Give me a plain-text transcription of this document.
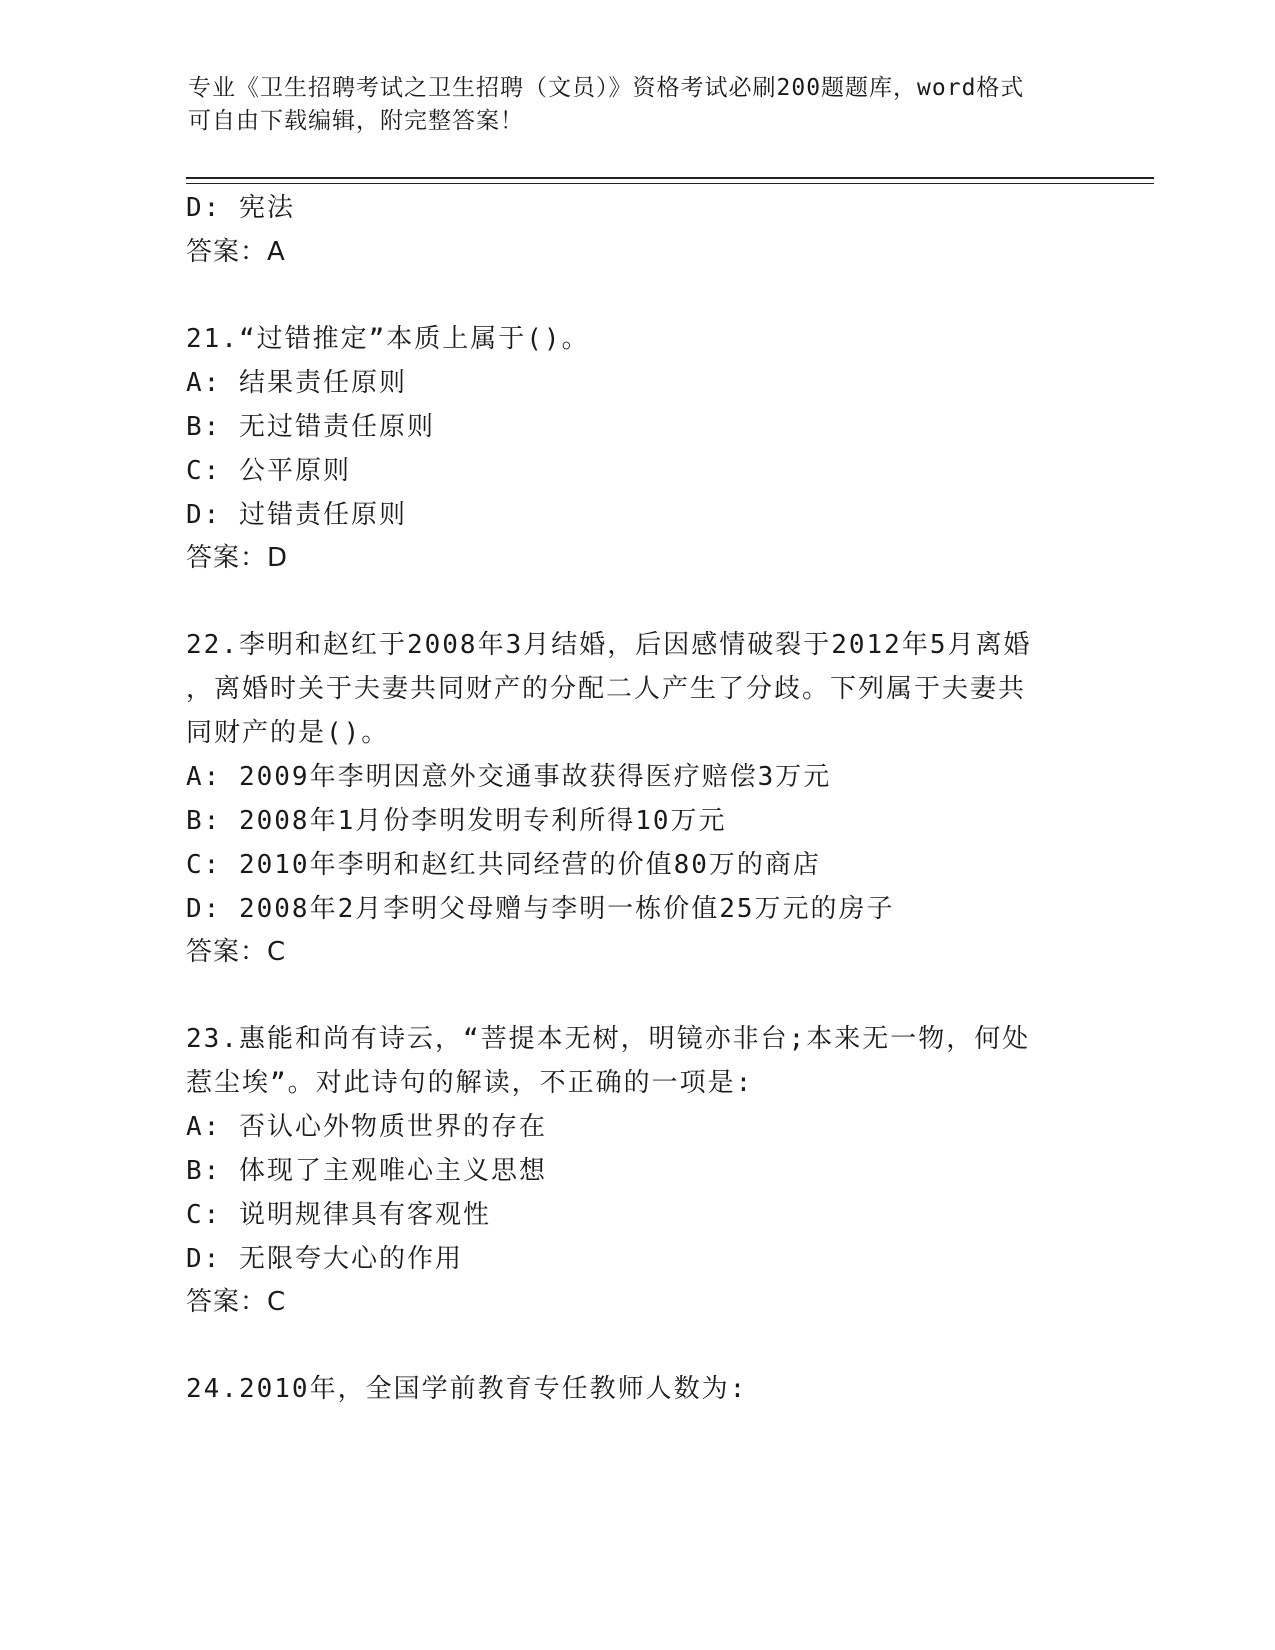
专业《卫生招聘考试之卫生招聘（文员）》资格考试必刷200题题库，word格式
可自由下载编辑，附完整答案！
D: 宪法
答案：A
21.“过错推定”本质上属于()。
A: 结果责任原则
B: 无过错责任原则
C: 公平原则
D: 过错责任原则
答案：D
22.李明和赵红于2008年3月结婚，后因感情破裂于2012年5月离婚
，离婚时关于夫妻共同财产的分配二人产生了分歧。下列属于夫妻共
同财产的是()。
A: 2009年李明因意外交通事故获得医疗赔偿3万元
B: 2008年1月份李明发明专利所得10万元
C: 2010年李明和赵红共同经营的价值80万的商店
D: 2008年2月李明父母赠与李明一栋价值25万元的房子
答案：C
23.惠能和尚有诗云，“菩提本无树，明镜亦非台;本来无一物，何处
惹尘埃”。对此诗句的解读，不正确的一项是:
A: 否认心外物质世界的存在
B: 体现了主观唯心主义思想
C: 说明规律具有客观性
D: 无限夸大心的作用
答案：C
24.2010年，全国学前教育专任教师人数为:
